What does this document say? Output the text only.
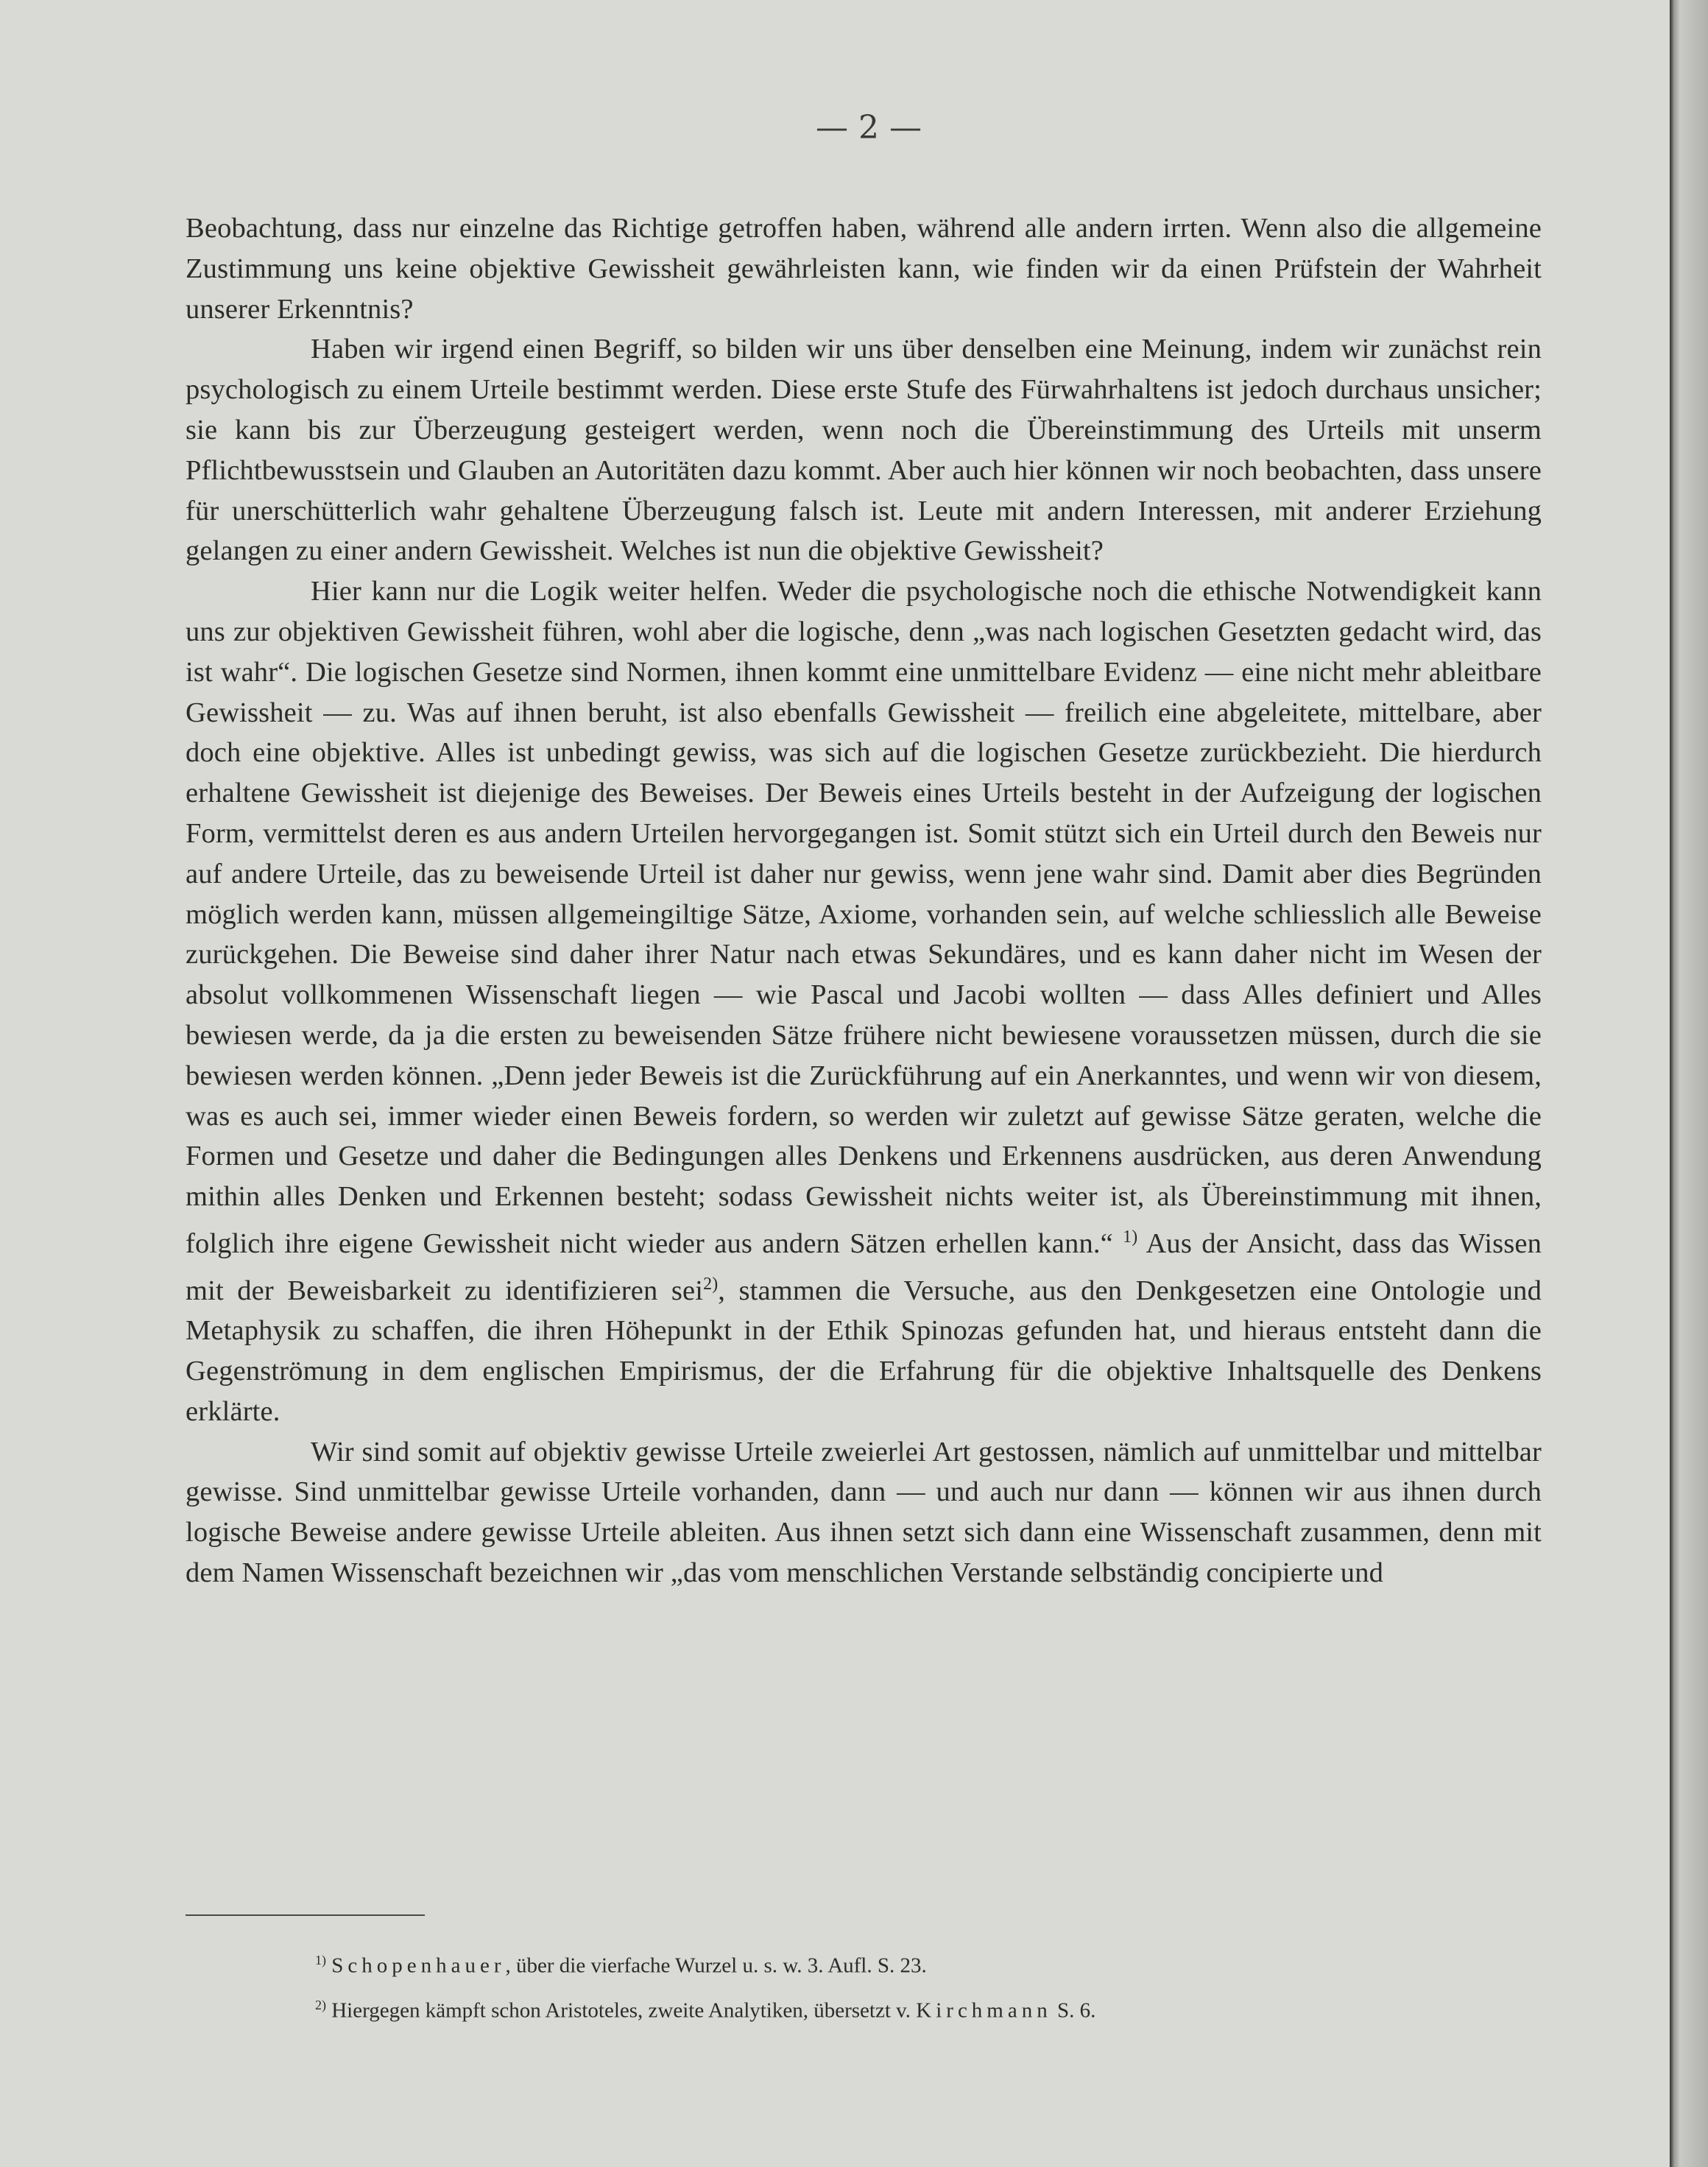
— 2 —

Beobachtung, dass nur einzelne das Richtige getroffen haben, während alle andern irrten. Wenn also die allgemeine Zustimmung uns keine objektive Gewissheit gewährleisten kann, wie finden wir da einen Prüfstein der Wahrheit unserer Erkenntnis?

Haben wir irgend einen Begriff, so bilden wir uns über denselben eine Meinung, indem wir zunächst rein psychologisch zu einem Urteile bestimmt werden. Diese erste Stufe des Fürwahrhaltens ist jedoch durchaus unsicher; sie kann bis zur Überzeugung gesteigert werden, wenn noch die Übereinstimmung des Urteils mit unserm Pflichtbewusstsein und Glauben an Autoritäten dazu kommt. Aber auch hier können wir noch beobachten, dass unsere für unerschütterlich wahr gehaltene Überzeugung falsch ist. Leute mit andern Interessen, mit anderer Erziehung gelangen zu einer andern Gewissheit. Welches ist nun die objektive Gewissheit?

Hier kann nur die Logik weiter helfen. Weder die psychologische noch die ethische Notwendigkeit kann uns zur objektiven Gewissheit führen, wohl aber die logische, denn „was nach logischen Gesetzten gedacht wird, das ist wahr“. Die logischen Gesetze sind Normen, ihnen kommt eine unmittelbare Evidenz — eine nicht mehr ableitbare Gewissheit — zu. Was auf ihnen beruht, ist also ebenfalls Gewissheit — freilich eine abgeleitete, mittelbare, aber doch eine objektive. Alles ist unbedingt gewiss, was sich auf die logischen Gesetze zurückbezieht. Die hierdurch erhaltene Gewissheit ist diejenige des Beweises. Der Beweis eines Urteils besteht in der Aufzeigung der logischen Form, vermittelst deren es aus andern Urteilen hervorgegangen ist. Somit stützt sich ein Urteil durch den Beweis nur auf andere Urteile, das zu beweisende Urteil ist daher nur gewiss, wenn jene wahr sind. Damit aber dies Begründen möglich werden kann, müssen allgemeingiltige Sätze, Axiome, vorhanden sein, auf welche schliesslich alle Beweise zurückgehen. Die Beweise sind daher ihrer Natur nach etwas Sekundäres, und es kann daher nicht im Wesen der absolut vollkommenen Wissenschaft liegen — wie Pascal und Jacobi wollten — dass Alles definiert und Alles bewiesen werde, da ja die ersten zu beweisenden Sätze frühere nicht bewiesene voraussetzen müssen, durch die sie bewiesen werden können. „Denn jeder Beweis ist die Zurückführung auf ein Anerkanntes, und wenn wir von diesem, was es auch sei, immer wieder einen Beweis fordern, so werden wir zuletzt auf gewisse Sätze geraten, welche die Formen und Gesetze und daher die Bedingungen alles Denkens und Erkennens ausdrücken, aus deren Anwendung mithin alles Denken und Erkennen besteht; sodass Gewissheit nichts weiter ist, als Übereinstimmung mit ihnen, folglich ihre eigene Gewissheit nicht wieder aus andern Sätzen erhellen kann.“ $^{1)}$ Aus der Ansicht, dass das Wissen mit der Beweisbarkeit zu identifizieren sei$^{2)}$, stammen die Versuche, aus den Denkgesetzen eine Ontologie und Metaphysik zu schaffen, die ihren Höhepunkt in der Ethik Spinozas gefunden hat, und hieraus entsteht dann die Gegenströmung in dem englischen Empirismus, der die Erfahrung für die objektive Inhaltsquelle des Denkens erklärte.

Wir sind somit auf objektiv gewisse Urteile zweierlei Art gestossen, nämlich auf unmittelbar und mittelbar gewisse. Sind unmittelbar gewisse Urteile vorhanden, dann — und auch nur dann — können wir aus ihnen durch logische Beweise andere gewisse Urteile ableiten. Aus ihnen setzt sich dann eine Wissenschaft zusammen, denn mit dem Namen Wissenschaft bezeichnen wir „das vom menschlichen Verstande selbständig concipierte und

$^{1)}$ Schopenhauer, über die vierfache Wurzel u. s. w. 3. Aufl. S. 23.
$^{2)}$ Hiergegen kämpft schon Aristoteles, zweite Analytiken, übersetzt v. Kirchmann S. 6.
